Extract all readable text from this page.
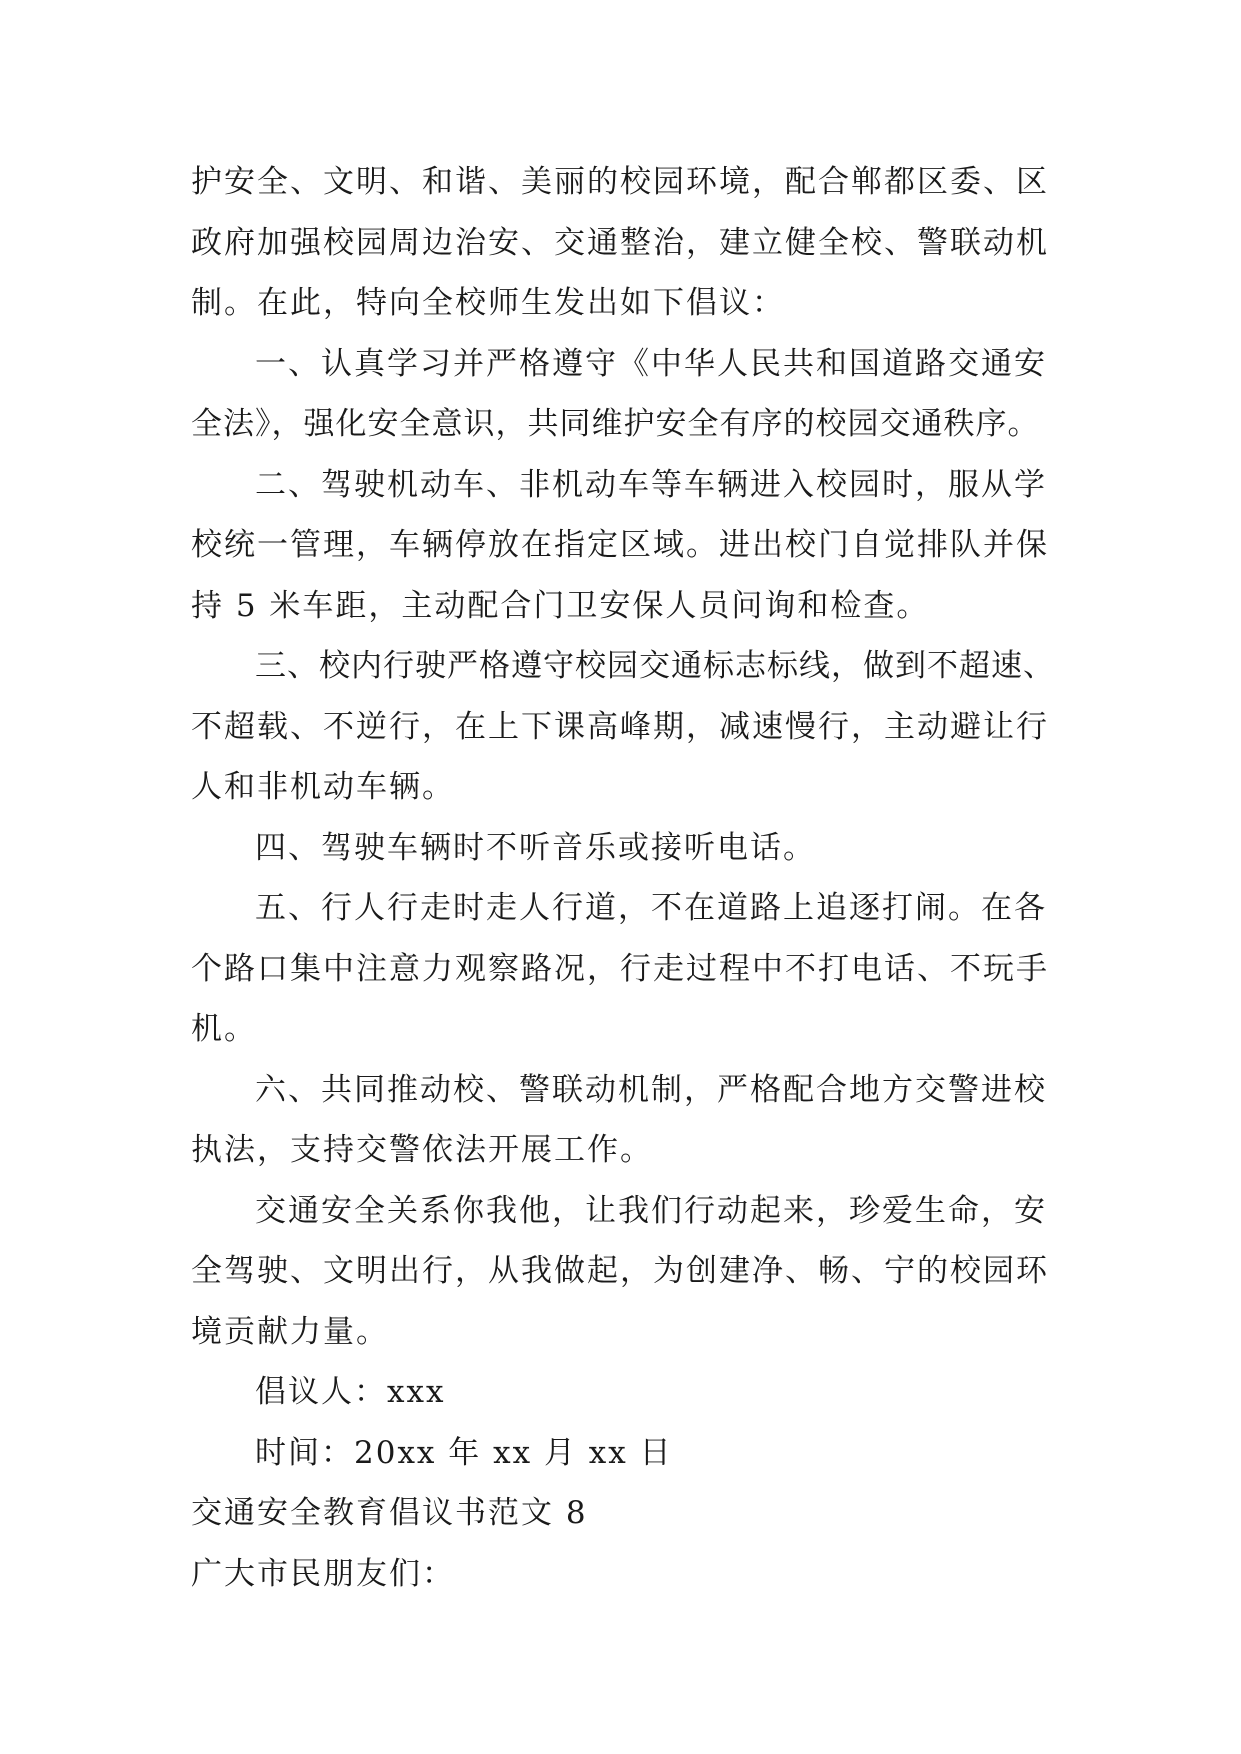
护安全、文明、和谐、美丽的校园环境，配合郸都区委、区
政府加强校园周边治安、交通整治，建立健全校、警联动机
制。在此，特向全校师生发出如下倡议：
一、认真学习并严格遵守《中华人民共和国道路交通安
全法》，强化安全意识，共同维护安全有序的校园交通秩序。
二、驾驶机动车、非机动车等车辆进入校园时，服从学
校统一管理，车辆停放在指定区域。进出校门自觉排队并保
持 5 米车距，主动配合门卫安保人员问询和检查。
三、校内行驶严格遵守校园交通标志标线，做到不超速、
不超载、不逆行，在上下课高峰期，减速慢行，主动避让行
人和非机动车辆。
四、驾驶车辆时不听音乐或接听电话。
五、行人行走时走人行道，不在道路上追逐打闹。在各
个路口集中注意力观察路况，行走过程中不打电话、不玩手
机。
六、共同推动校、警联动机制，严格配合地方交警进校
执法，支持交警依法开展工作。
交通安全关系你我他，让我们行动起来，珍爱生命，安
全驾驶、文明出行，从我做起，为创建净、畅、宁的校园环
境贡献力量。
倡议人：xxx
时间：20xx 年 xx 月 xx 日
交通安全教育倡议书范文 8
广大市民朋友们：
